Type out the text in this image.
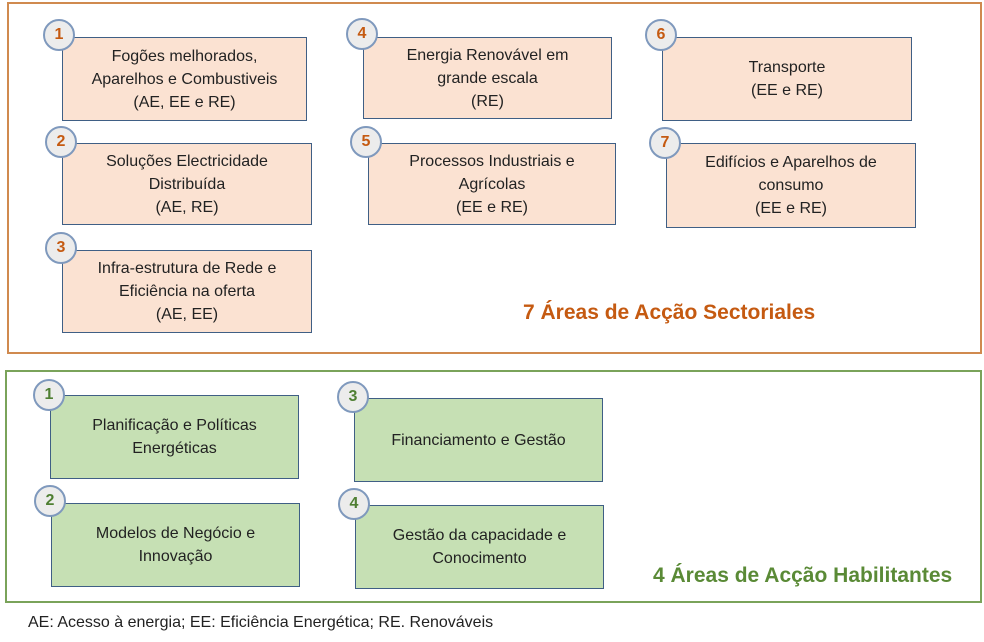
Fogões melhorados,
Aparelhos e Combustiveis
(AE, EE e RE)
1
Soluções Electricidade
Distribuída
(AE, RE)
2
Infra-estrutura de Rede e
Eficiência na oferta
(AE, EE)
3
Energia Renovável em
grande escala
(RE)
4
Processos Industriais e
Agrícolas
(EE e RE)
5
Transporte
(EE e RE)
6
Edifícios e Aparelhos de
consumo
(EE e RE)
7
7 Áreas de Acção Sectoriales
Planificação e Políticas
Energéticas
1
Modelos de Negócio e
Innovação
2
Financiamento e Gestão
3
Gestão da capacidade e
Conocimento
4
4 Áreas de Acção Habilitantes
AE: Acesso à energia; EE: Eficiência Energética; RE. Renováveis
